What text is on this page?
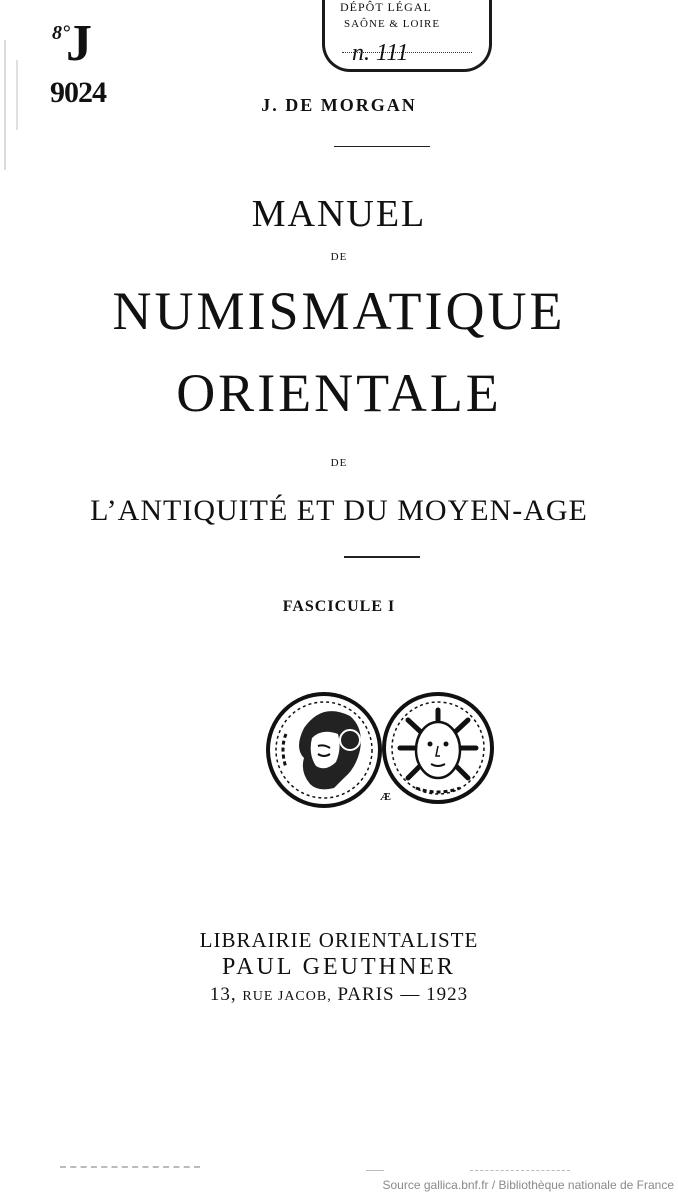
8°
J
9024
DÉPÔT LÉGAL
SAÔNE & LOIRE
n. 111
J. DE MORGAN
MANUEL
DE
NUMISMATIQUE
ORIENTALE
DE
L’ANTIQUITÉ ET DU MOYEN-AGE
FASCICULE I
Æ
LIBRAIRIE ORIENTALISTE
PAUL GEUTHNER
13, RUE JACOB, PARIS — 1923
Source gallica.bnf.fr / Bibliothèque nationale de France
